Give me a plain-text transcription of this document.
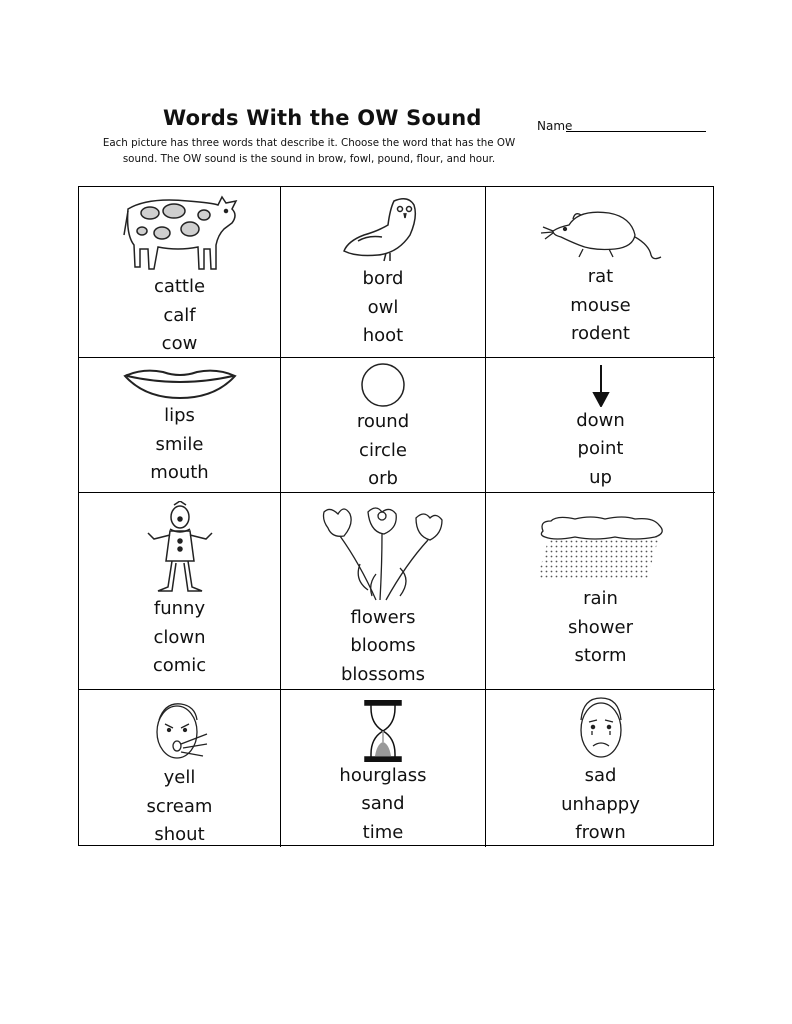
Words With the OW Sound	Name
Each picture has three words that describe it. Choose the word that has the OW
sound. The OW sound is the sound in brow, fowl, pound, flour, and hour.
cattle
calf
cow
bord
owl
hoot
rat
mouse
rodent
lips
smile
mouth
round
circle
orb
down
point
up
funny
clown
comic
flowers
blooms
blossoms
rain
shower
storm
yell
scream
shout
hourglass
sand
time
sad
unhappy
frown
